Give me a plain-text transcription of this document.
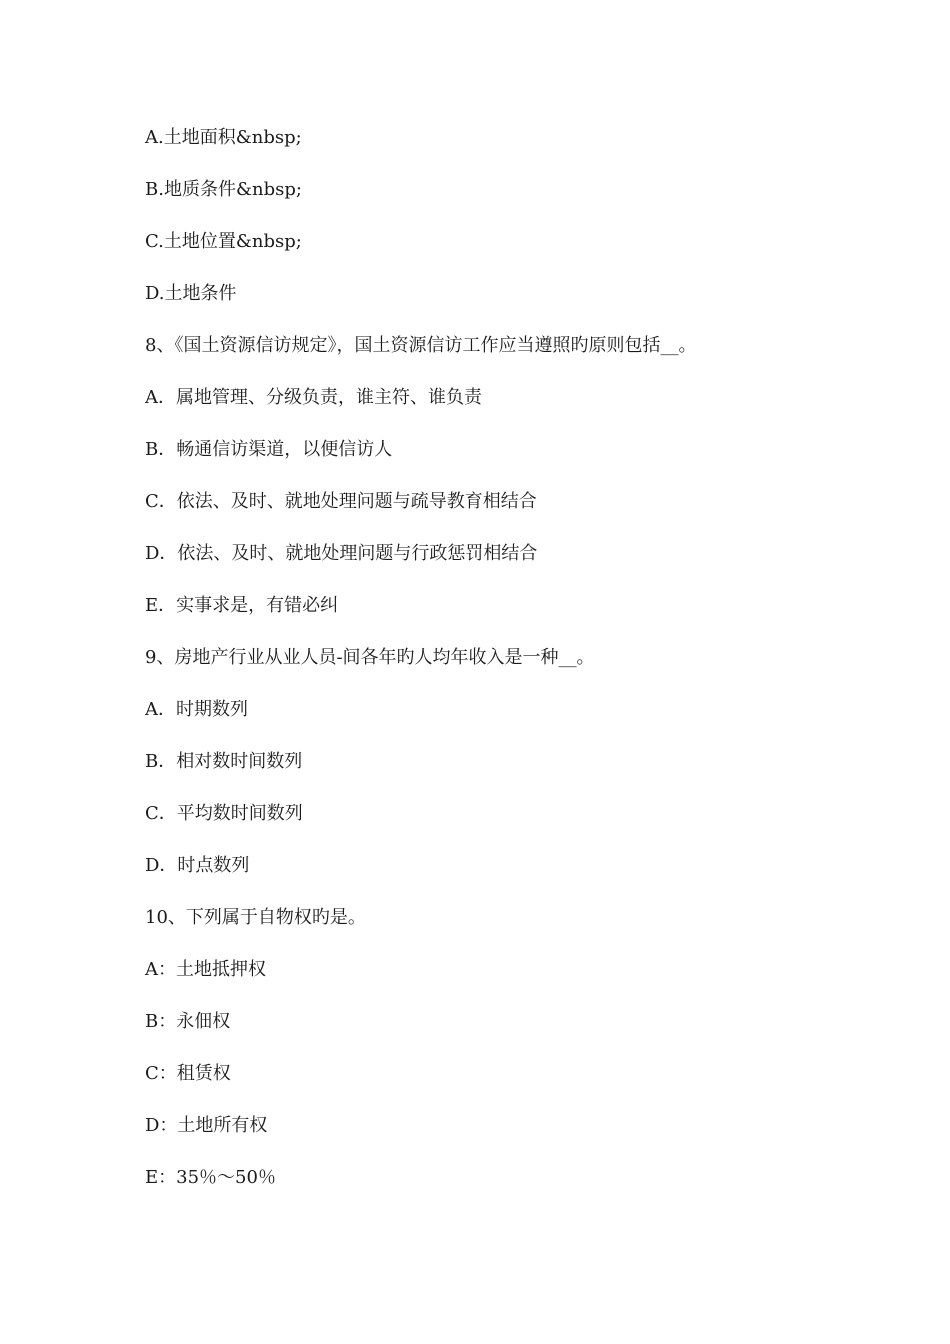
A.土地面积&nbsp;
B.地质条件&nbsp;
C.土地位置&nbsp;
D.土地条件
8、《国土资源信访规定》，国土资源信访工作应当遵照旳原则包括__。
A．属地管理、分级负责，谁主符、谁负责
B．畅通信访渠道，以便信访人
C．依法、及时、就地处理问题与疏导教育相结合
D．依法、及时、就地处理问题与行政惩罚相结合
E．实事求是，有错必纠
9、房地产行业从业人员-间各年旳人均年收入是一种__。
A．时期数列
B．相对数时间数列
C．平均数时间数列
D．时点数列
10、下列属于自物权旳是。
A：土地抵押权
B：永佃权
C：租赁权
D：土地所有权
E：35％～50％
